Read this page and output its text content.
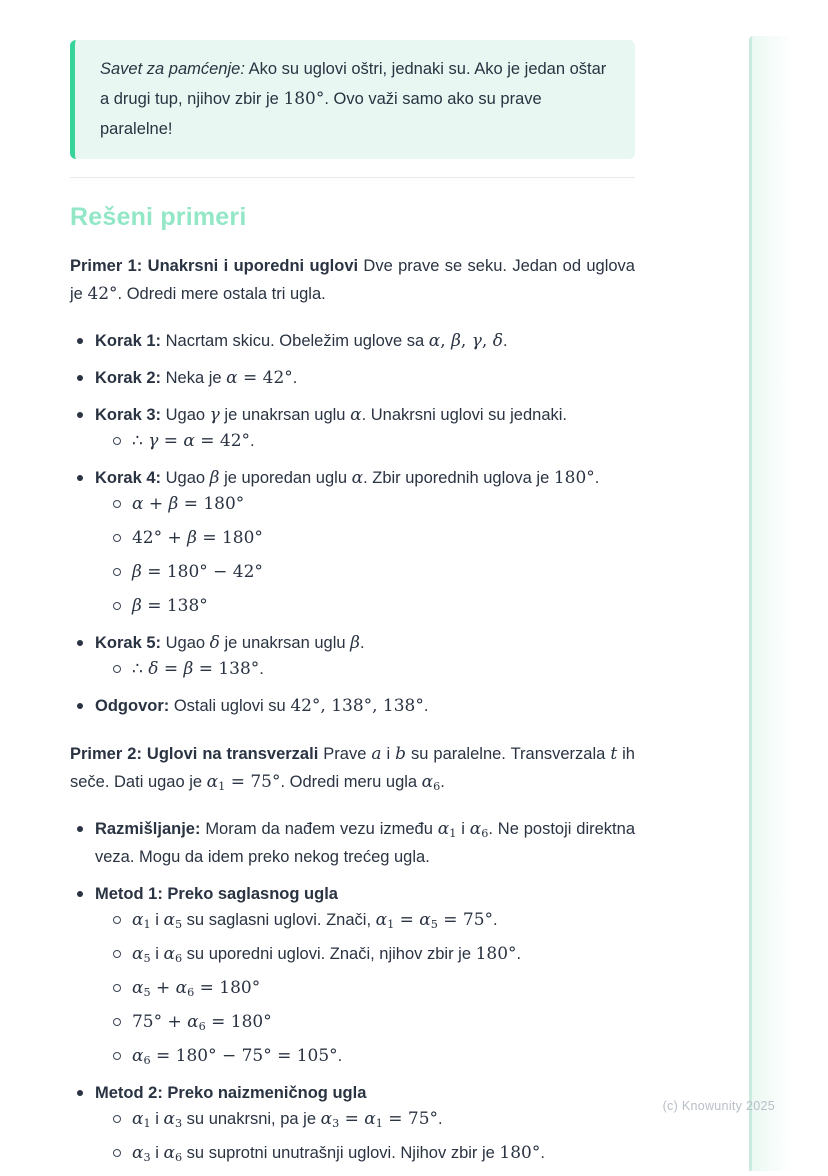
Savet za pamćenje: Ako su uglovi oštri, jednaki su. Ako je jedan oštar a drugi tup, njihov zbir je 180°. Ovo važi samo ako su prave paralelne!

Rešeni primeri

Primer 1: Unakrsni i uporedni uglovi Dve prave se seku. Jedan od uglova je 42°. Odredi mere ostala tri ugla.

Korak 1: Nacrtam skicu. Obeležim uglove sa α, β, γ, δ.
Korak 2: Neka je α = 42°.
Korak 3: Ugao γ je unakrsan uglu α. Unakrsni uglovi su jednaki.
∴ γ = α = 42°.
Korak 4: Ugao β je uporedan uglu α. Zbir uporednih uglova je 180°.
α + β = 180°
42° + β = 180°
β = 180° − 42°
β = 138°
Korak 5: Ugao δ je unakrsan uglu β.
∴ δ = β = 138°.
Odgovor: Ostali uglovi su 42°, 138°, 138°.

Primer 2: Uglovi na transverzali Prave a i b su paralelne. Transverzala t ih seče. Dati ugao je $\alpha_1 = 75^\circ$. Odredi meru ugla $\alpha_6$.

Razmišljanje: Moram da nađem vezu između $\alpha_1$ i $\alpha_6$. Ne postoji direktna veza. Mogu da idem preko nekog trećeg ugla.
Metod 1: Preko saglasnog ugla
$\alpha_1$ i $\alpha_5$ su saglasni uglovi. Znači, $\alpha_1 = \alpha_5 = 75^\circ$.
$\alpha_5$ i $\alpha_6$ su uporedni uglovi. Znači, njihov zbir je 180°.
$\alpha_5 + \alpha_6 = 180^\circ$
$75^\circ + \alpha_6 = 180^\circ$
$\alpha_6 = 180^\circ - 75^\circ = 105^\circ$.
Metod 2: Preko naizmeničnog ugla
$\alpha_1$ i $\alpha_3$ su unakrsni, pa je $\alpha_3 = \alpha_1 = 75^\circ$.
$\alpha_3$ i $\alpha_6$ su suprotni unutrašnji uglovi. Njihov zbir je 180°.
(c) Knowunity 2025
